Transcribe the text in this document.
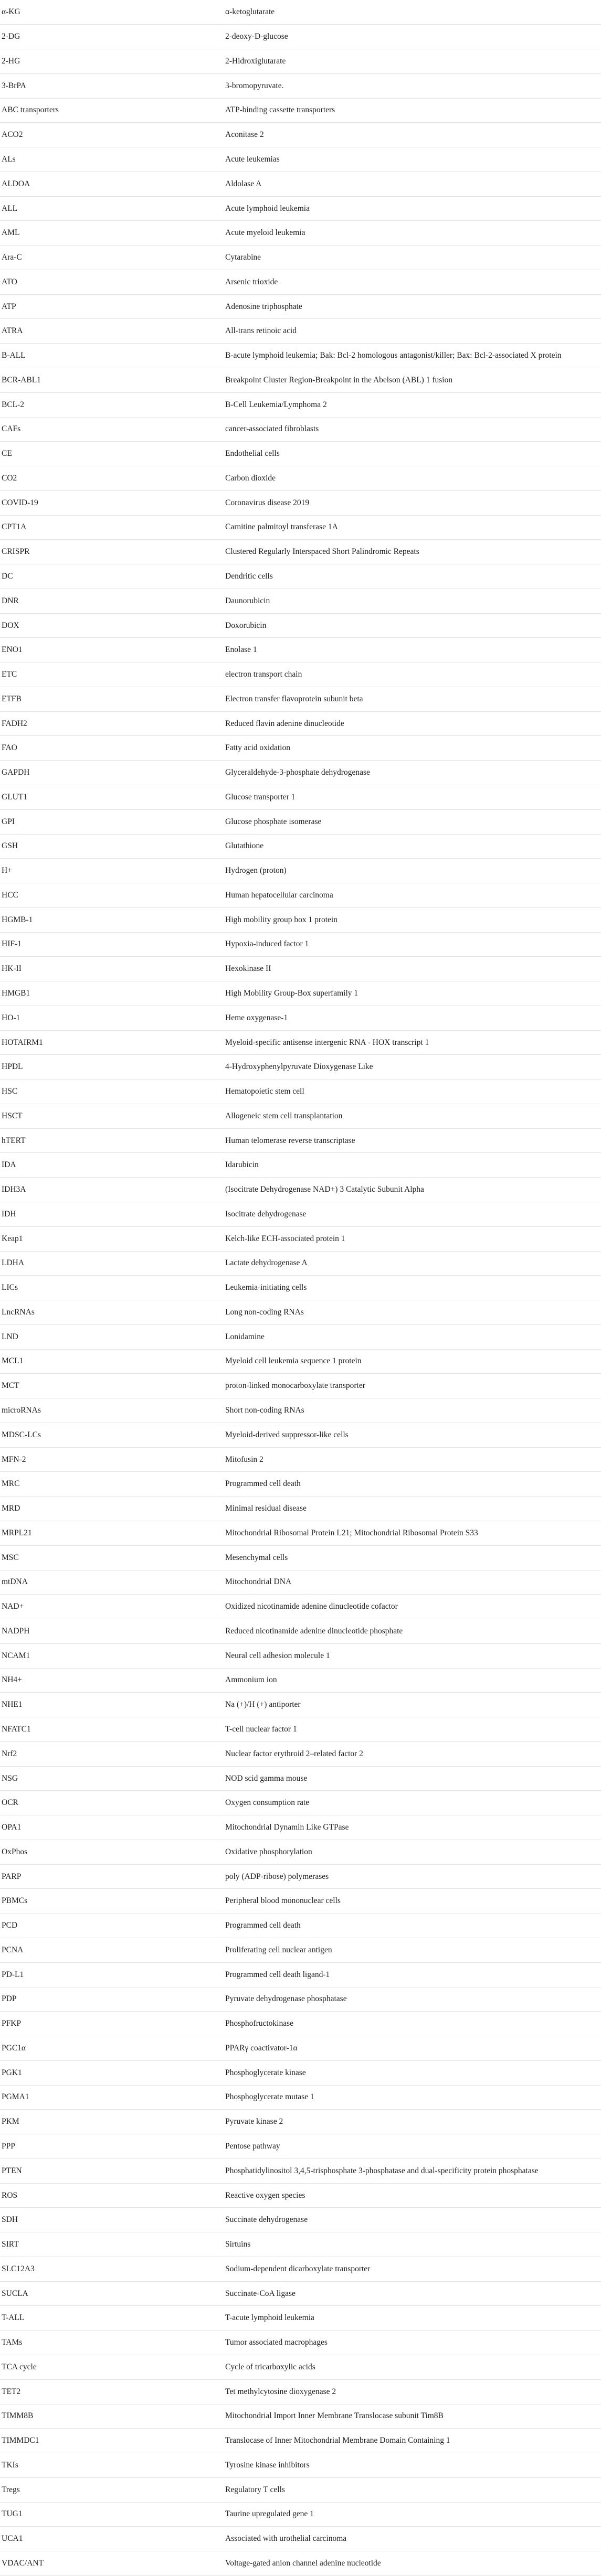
α-KG	α-ketoglutarate
2-DG	2-deoxy-D-glucose
2-HG	2-Hidroxiglutarate
3-BrPA	3-bromopyruvate.
ABC transporters	ATP-binding cassette transporters
ACO2	Aconitase 2
ALs	Acute leukemias
ALDOA	Aldolase A
ALL	Acute lymphoid leukemia
AML	Acute myeloid leukemia
Ara-C	Cytarabine
ATO	Arsenic trioxide
ATP	Adenosine triphosphate
ATRA	All-trans retinoic acid
B-ALL	B-acute lymphoid leukemia; Bak: Bcl-2 homologous antagonist/killer; Bax: Bcl-2-associated X protein
BCR-ABL1	Breakpoint Cluster Region-Breakpoint in the Abelson (ABL) 1 fusion
BCL-2	B-Cell Leukemia/Lymphoma 2
CAFs	cancer-associated fibroblasts
CE	Endothelial cells
CO2	Carbon dioxide
COVID-19	Coronavirus disease 2019
CPT1A	Carnitine palmitoyl transferase 1A
CRISPR	Clustered Regularly Interspaced Short Palindromic Repeats
DC	Dendritic cells
DNR	Daunorubicin
DOX	Doxorubicin
ENO1	Enolase 1
ETC	electron transport chain
ETFB	Electron transfer flavoprotein subunit beta
FADH2	Reduced flavin adenine dinucleotide
FAO	Fatty acid oxidation
GAPDH	Glyceraldehyde-3-phosphate dehydrogenase
GLUT1	Glucose transporter 1
GPI	Glucose phosphate isomerase
GSH	Glutathione
H+	Hydrogen (proton)
HCC	Human hepatocellular carcinoma
HGMB-1	High mobility group box 1 protein
HIF-1	Hypoxia-induced factor 1
HK-II	Hexokinase II
HMGB1	High Mobility Group-Box superfamily 1
HO-1	Heme oxygenase-1
HOTAIRM1	Myeloid-specific antisense intergenic RNA - HOX transcript 1
HPDL	4-Hydroxyphenylpyruvate Dioxygenase Like
HSC	Hematopoietic stem cell
HSCT	Allogeneic stem cell transplantation
hTERT	Human telomerase reverse transcriptase
IDA	Idarubicin
IDH3A	(Isocitrate Dehydrogenase NAD+) 3 Catalytic Subunit Alpha
IDH	Isocitrate dehydrogenase
Keap1	Kelch-like ECH-associated protein 1
LDHA	Lactate dehydrogenase A
LICs	Leukemia-initiating cells
LncRNAs	Long non-coding RNAs
LND	Lonidamine
MCL1	Myeloid cell leukemia sequence 1 protein
MCT	proton-linked monocarboxylate transporter
microRNAs	Short non-coding RNAs
MDSC-LCs	Myeloid-derived suppressor-like cells
MFN-2	Mitofusin 2
MRC	Programmed cell death
MRD	Minimal residual disease
MRPL21	Mitochondrial Ribosomal Protein L21; Mitochondrial Ribosomal Protein S33
MSC	Mesenchymal cells
mtDNA	Mitochondrial DNA
NAD+	Oxidized nicotinamide adenine dinucleotide cofactor
NADPH	Reduced nicotinamide adenine dinucleotide phosphate
NCAM1	Neural cell adhesion molecule 1
NH4+	Ammonium ion
NHE1	Na (+)/H (+) antiporter
NFATC1	T-cell nuclear factor 1
Nrf2	Nuclear factor erythroid 2–related factor 2
NSG	NOD scid gamma mouse
OCR	Oxygen consumption rate
OPA1	Mitochondrial Dynamin Like GTPase
OxPhos	Oxidative phosphorylation
PARP	poly (ADP-ribose) polymerases
PBMCs	Peripheral blood mononuclear cells
PCD	Programmed cell death
PCNA	Proliferating cell nuclear antigen
PD-L1	Programmed cell death ligand-1
PDP	Pyruvate dehydrogenase phosphatase
PFKP	Phosphofructokinase
PGC1α	PPARγ coactivator-1α
PGK1	Phosphoglycerate kinase
PGMA1	Phosphoglycerate mutase 1
PKM	Pyruvate kinase 2
PPP	Pentose pathway
PTEN	Phosphatidylinositol 3,4,5-trisphosphate 3-phosphatase and dual-specificity protein phosphatase
ROS	Reactive oxygen species
SDH	Succinate dehydrogenase
SIRT	Sirtuins
SLC12A3	Sodium-dependent dicarboxylate transporter
SUCLA	Succinate-CoA ligase
T-ALL	T-acute lymphoid leukemia
TAMs	Tumor associated macrophages
TCA cycle	Cycle of tricarboxylic acids
TET2	Tet methylcytosine dioxygenase 2
TIMM8B	Mitochondrial Import Inner Membrane Translocase subunit Tim8B
TIMMDC1	Translocase of Inner Mitochondrial Membrane Domain Containing 1
TKIs	Tyrosine kinase inhibitors
Tregs	Regulatory T cells
TUG1	Taurine upregulated gene 1
UCA1	Associated with urothelial carcinoma
VDAC/ANT	Voltage-gated anion channel adenine nucleotide
